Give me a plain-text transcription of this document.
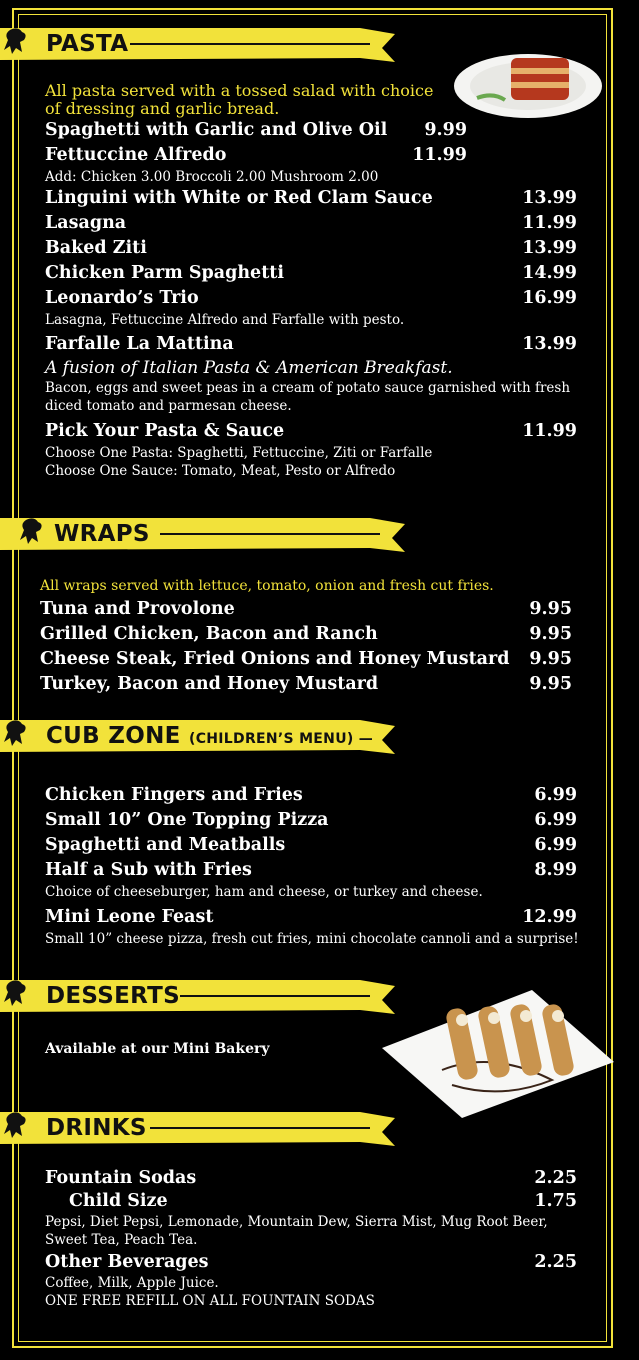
PASTA
All pasta served with a tossed salad with choice of dressing and garlic bread.
Spaghetti with Garlic and Olive Oil 9.99
Fettuccine Alfredo	11.99
Add: Chicken 3.00 Broccoli 2.00 Mushroom 2.00
Linguini with White or Red Clam Sauce	13.99
Lasagna	11.99
Baked Ziti	13.99
Chicken Parm Spaghetti	14.99
Leonardo’s Trio	16.99
Lasagna, Fettuccine Alfredo and Farfalle with pesto.
Farfalle La Mattina	13.99
A fusion of Italian Pasta & American Breakfast.
Bacon, eggs and sweet peas in a cream of potato sauce garnished with fresh diced tomato and parmesan cheese.
Pick Your Pasta & Sauce	11.99
Choose One Pasta: Spaghetti, Fettuccine, Ziti or Farfalle
Choose One Sauce: Tomato, Meat, Pesto or Alfredo
WRAPS
All wraps served with lettuce, tomato, onion and fresh cut fries.
Tuna and Provolone	9.95
Grilled Chicken, Bacon and Ranch	9.95
Cheese Steak, Fried Onions and Honey Mustard 9.95
Turkey, Bacon and Honey Mustard	9.95
CUB ZONE (CHILDREN’S MENU) —
Chicken Fingers and Fries	6.99
Small 10” One Topping Pizza	6.99
Spaghetti and Meatballs	6.99
Half a Sub with Fries	8.99
Choice of cheeseburger, ham and cheese, or turkey and cheese.
Mini Leone Feast	12.99
Small 10” cheese pizza, fresh cut fries, mini chocolate cannoli and a surprise!
DESSERTS
Available at our Mini Bakery
DRINKS
Fountain Sodas	2.25
Child Size	1.75
Pepsi, Diet Pepsi, Lemonade, Mountain Dew, Sierra Mist, Mug Root Beer, Sweet Tea, Peach Tea.
Other Beverages	2.25
Coffee, Milk, Apple Juice.
ONE FREE REFILL ON ALL FOUNTAIN SODAS
